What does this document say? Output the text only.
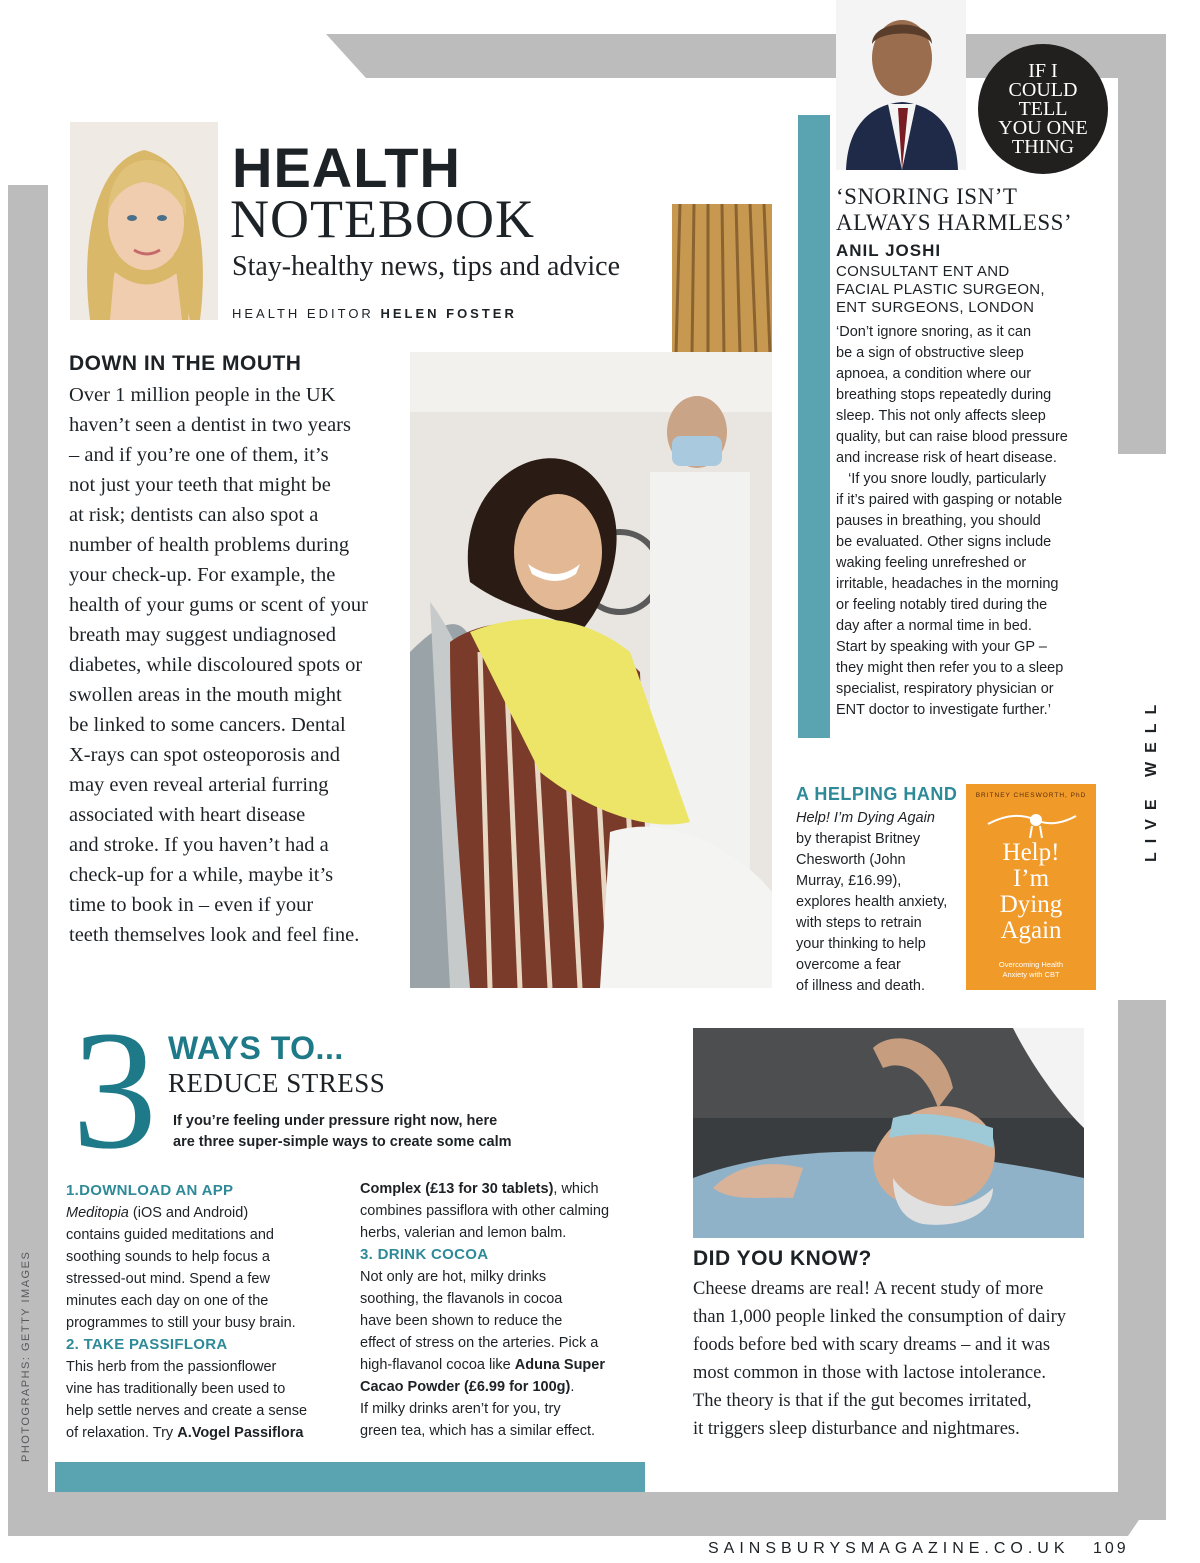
HEALTH
NOTEBOOK
Stay-healthy news, tips and advice
HEALTH EDITOR HELEN FOSTER
DOWN IN THE MOUTH
Over 1 million people in the UK
haven’t seen a dentist in two years
– and if you’re one of them, it’s
not just your teeth that might be
at risk; dentists can also spot a
number of health problems during
your check-up. For example, the
health of your gums or scent of your
breath may suggest undiagnosed
diabetes, while discoloured spots or
swollen areas in the mouth might
be linked to some cancers. Dental
X-rays can spot osteoporosis and
may even reveal arterial furring
associated with heart disease
and stroke. If you haven’t had a
check-up for a while, maybe it’s
time to book in – even if your
teeth themselves look and feel fine.
IF I
COULD
TELL
YOU ONE
THING
‘SNORING ISN’T
ALWAYS HARMLESS’
ANIL JOSHI
CONSULTANT ENT AND
FACIAL PLASTIC SURGEON,
ENT SURGEONS, LONDON
‘Don’t ignore snoring, as it can
be a sign of obstructive sleep
apnoea, a condition where our
breathing stops repeatedly during
sleep. This not only affects sleep
quality, but can raise blood pressure
and increase risk of heart disease.
‘If you snore loudly, particularly
if it’s paired with gasping or notable
pauses in breathing, you should
be evaluated. Other signs include
waking feeling unrefreshed or
irritable, headaches in the morning
or feeling notably tired during the
day after a normal time in bed.
Start by speaking with your GP –
they might then refer you to a sleep
specialist, respiratory physician or
ENT doctor to investigate further.’	LIVE WELL
A HELPING HAND
Help! I’m Dying Again
by therapist Britney
Chesworth (John
Murray, £16.99),
explores health anxiety,
with steps to retrain
your thinking to help
overcome a fear
of illness and death.
BRITNEY CHESWORTH, PhD
Help!
I’m
Dying
Again
Overcoming Health
Anxiety with CBT
3 WAYS TO...
REDUCE STRESS
If you’re feeling under pressure right now, here
are three super-simple ways to create some calm
1.DOWNLOAD AN APP
Meditopia (iOS and Android)
contains guided meditations and
soothing sounds to help focus a
stressed-out mind. Spend a few
minutes each day on one of the
programmes to still your busy brain.
2. TAKE PASSIFLORA
This herb from the passionflower
vine has traditionally been used to
help settle nerves and create a sense
of relaxation. Try A.Vogel Passiflora
Complex (£13 for 30 tablets), which
combines passiflora with other calming
herbs, valerian and lemon balm.
3. DRINK COCOA
Not only are hot, milky drinks
soothing, the flavanols in cocoa
have been shown to reduce the
effect of stress on the arteries. Pick a
high-flavanol cocoa like Aduna Super
Cacao Powder (£6.99 for 100g).
If milky drinks aren’t for you, try
green tea, which has a similar effect.
DID YOU KNOW?
Cheese dreams are real! A recent study of more
than 1,000 people linked the consumption of dairy
foods before bed with scary dreams – and it was
most common in those with lactose intolerance.
The theory is that if the gut becomes irritated,
it triggers sleep disturbance and nightmares.
PHOTOGRAPHS: GETTY IMAGES
SAINSBURYSMAGAZINE.CO.UK 109
